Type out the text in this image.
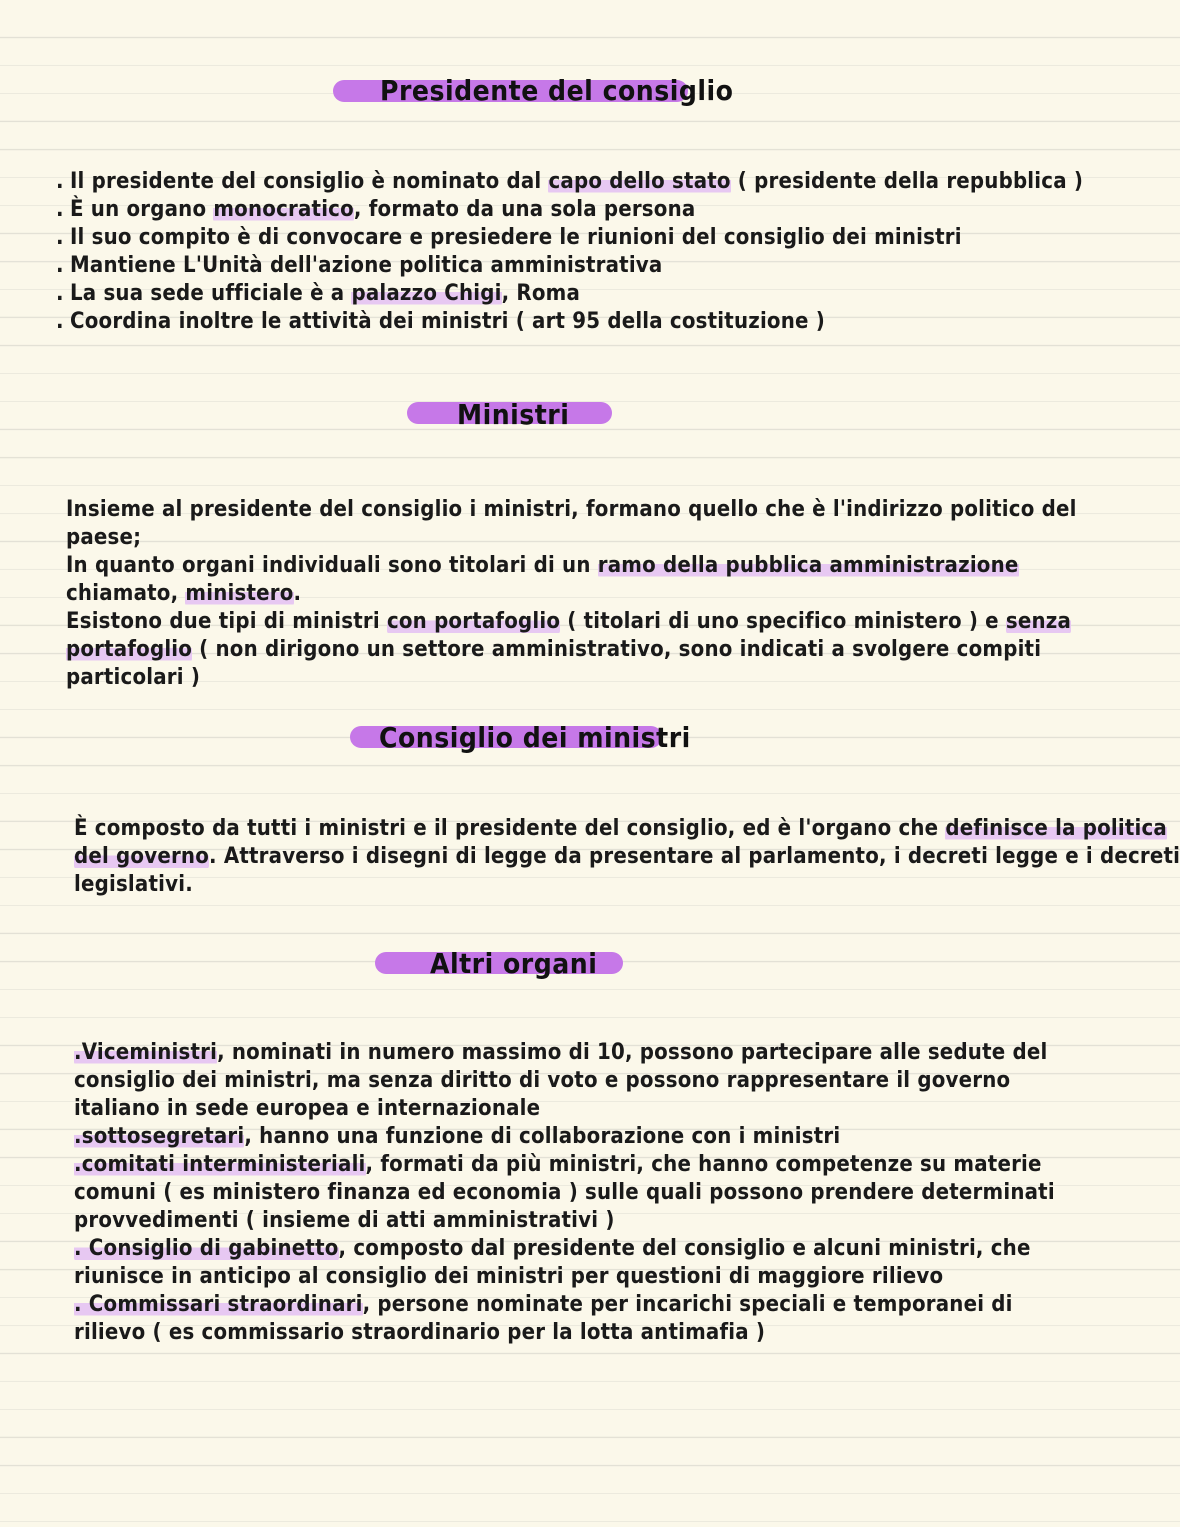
Presidente del consiglio

. Il presidente del consiglio è nominato dal capo dello stato ( presidente della repubblica )

. È un organo monocratico, formato da una sola persona

. Il suo compito è di convocare e presiedere le riunioni del consiglio dei ministri

. Mantiene L'Unità dell'azione politica amministrativa

. La sua sede ufficiale è a palazzo Chigi, Roma

. Coordina inoltre le attività dei ministri ( art 95 della costituzione )

Ministri

Insieme al presidente del consiglio i ministri, formano quello che è l'indirizzo politico del

paese;

In quanto organi individuali sono titolari di un ramo della pubblica amministrazione

chiamato, ministero.

Esistono due tipi di ministri con portafoglio ( titolari di uno specifico ministero ) e senza

portafoglio ( non dirigono un settore amministrativo, sono indicati a svolgere compiti

particolari )

Consiglio dei ministri

È composto da tutti i ministri e il presidente del consiglio, ed è l'organo che definisce la politica

del governo. Attraverso i disegni di legge da presentare al parlamento, i decreti legge e i decreti

legislativi.

Altri organi

.Viceministri, nominati in numero massimo di 10, possono partecipare alle sedute del

consiglio dei ministri, ma senza diritto di voto e possono rappresentare il governo

italiano in sede europea e internazionale

.sottosegretari, hanno una funzione di collaborazione con i ministri

.comitati interministeriali, formati da più ministri, che hanno competenze su materie

comuni ( es ministero finanza ed economia ) sulle quali possono prendere determinati

provvedimenti ( insieme di atti amministrativi )

. Consiglio di gabinetto, composto dal presidente del consiglio e alcuni ministri, che

riunisce in anticipo al consiglio dei ministri per questioni di maggiore rilievo

. Commissari straordinari, persone nominate per incarichi speciali e temporanei di

rilievo ( es commissario straordinario per la lotta antimafia )
